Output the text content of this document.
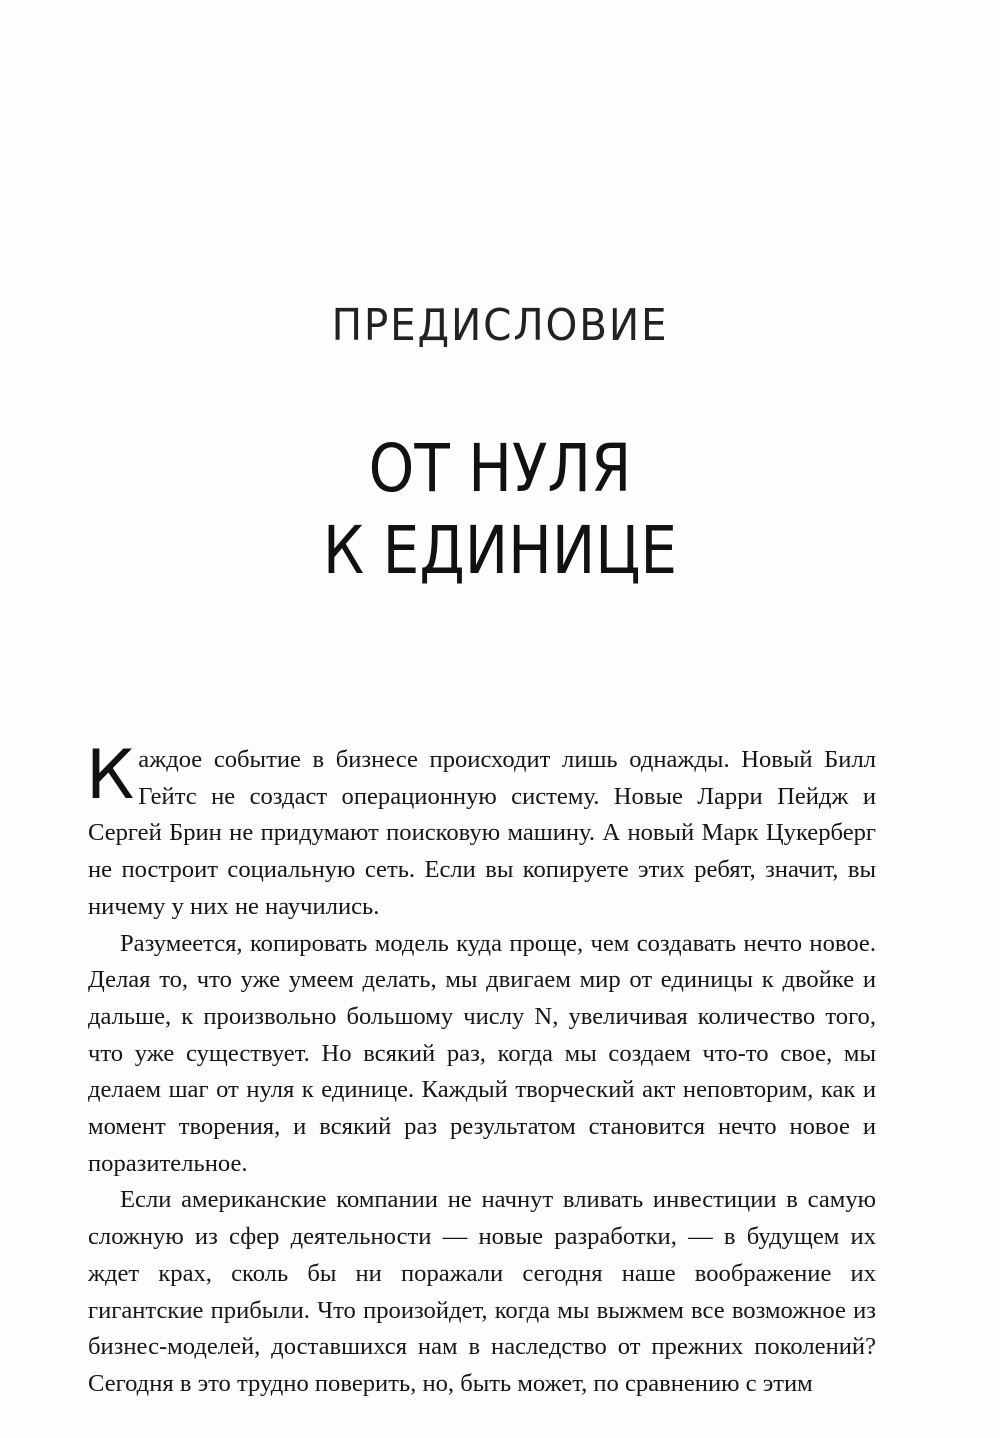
ПРЕДИСЛОВИЕ
ОТ НУЛЯ
К ЕДИНИЦЕ

Каждое событие в бизнесе происходит лишь однажды. Новый Билл Гейтс не создаст операционную систему. Новые Ларри Пейдж и Сергей Брин не придумают поисковую машину. А новый Марк Цукерберг не построит социальную сеть. Если вы копируете этих ребят, значит, вы ничему у них не научились.

Разумеется, копировать модель куда проще, чем создавать нечто новое. Делая то, что уже умеем делать, мы двигаем мир от единицы к двойке и дальше, к произвольно большому числу N, увеличивая количество того, что уже существует. Но всякий раз, когда мы создаем что-то свое, мы делаем шаг от нуля к единице. Каждый творческий акт неповторим, как и момент творения, и всякий раз результатом становится нечто новое и поразительное.

Если американские компании не начнут вливать инвестиции в самую сложную из сфер деятельности — новые разработки, — в будущем их ждет крах, сколь бы ни поражали сегодня наше воображение их гигантские прибыли. Что произойдет, когда мы выжмем все возможное из бизнес-моделей, доставшихся нам в наследство от прежних поколений? Сегодня в это трудно поверить, но, быть может, по сравнению с этим
